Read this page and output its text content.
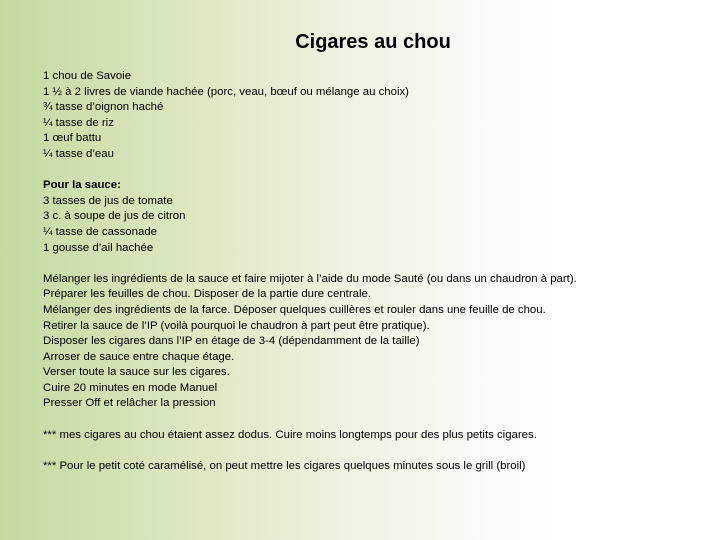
Cigares au chou
1 chou de Savoie
1 ½ à 2 livres de viande hachée (porc, veau, bœuf ou mélange au choix)
¾ tasse d’oignon haché
¼ tasse de riz
1 œuf battu
¼ tasse d’eau
Pour la sauce:
3 tasses de jus de tomate
3 c. à soupe de jus de citron
¼ tasse de cassonade
1 gousse d’ail hachée
Mélanger les ingrédients de la sauce et faire mijoter à l’aide du mode Sauté (ou dans un chaudron à part).
Préparer les feuilles de chou. Disposer de la partie dure centrale.
Mélanger des ingrédients de la farce. Déposer quelques cuillères et rouler dans une feuille de chou.
Retirer la sauce de l’IP (voilà pourquoi le chaudron à part peut être pratique).
Disposer les cigares dans l’IP en étage de 3-4 (dépendamment de la taille)
Arroser de sauce entre chaque étage.
Verser toute la sauce sur les cigares.
Cuire 20 minutes en mode Manuel
Presser Off et relâcher la pression
*** mes cigares au chou étaient assez dodus. Cuire moins longtemps pour des plus petits cigares.
*** Pour le petit coté caramélisé, on peut mettre les cigares quelques minutes sous le grill (broil)
